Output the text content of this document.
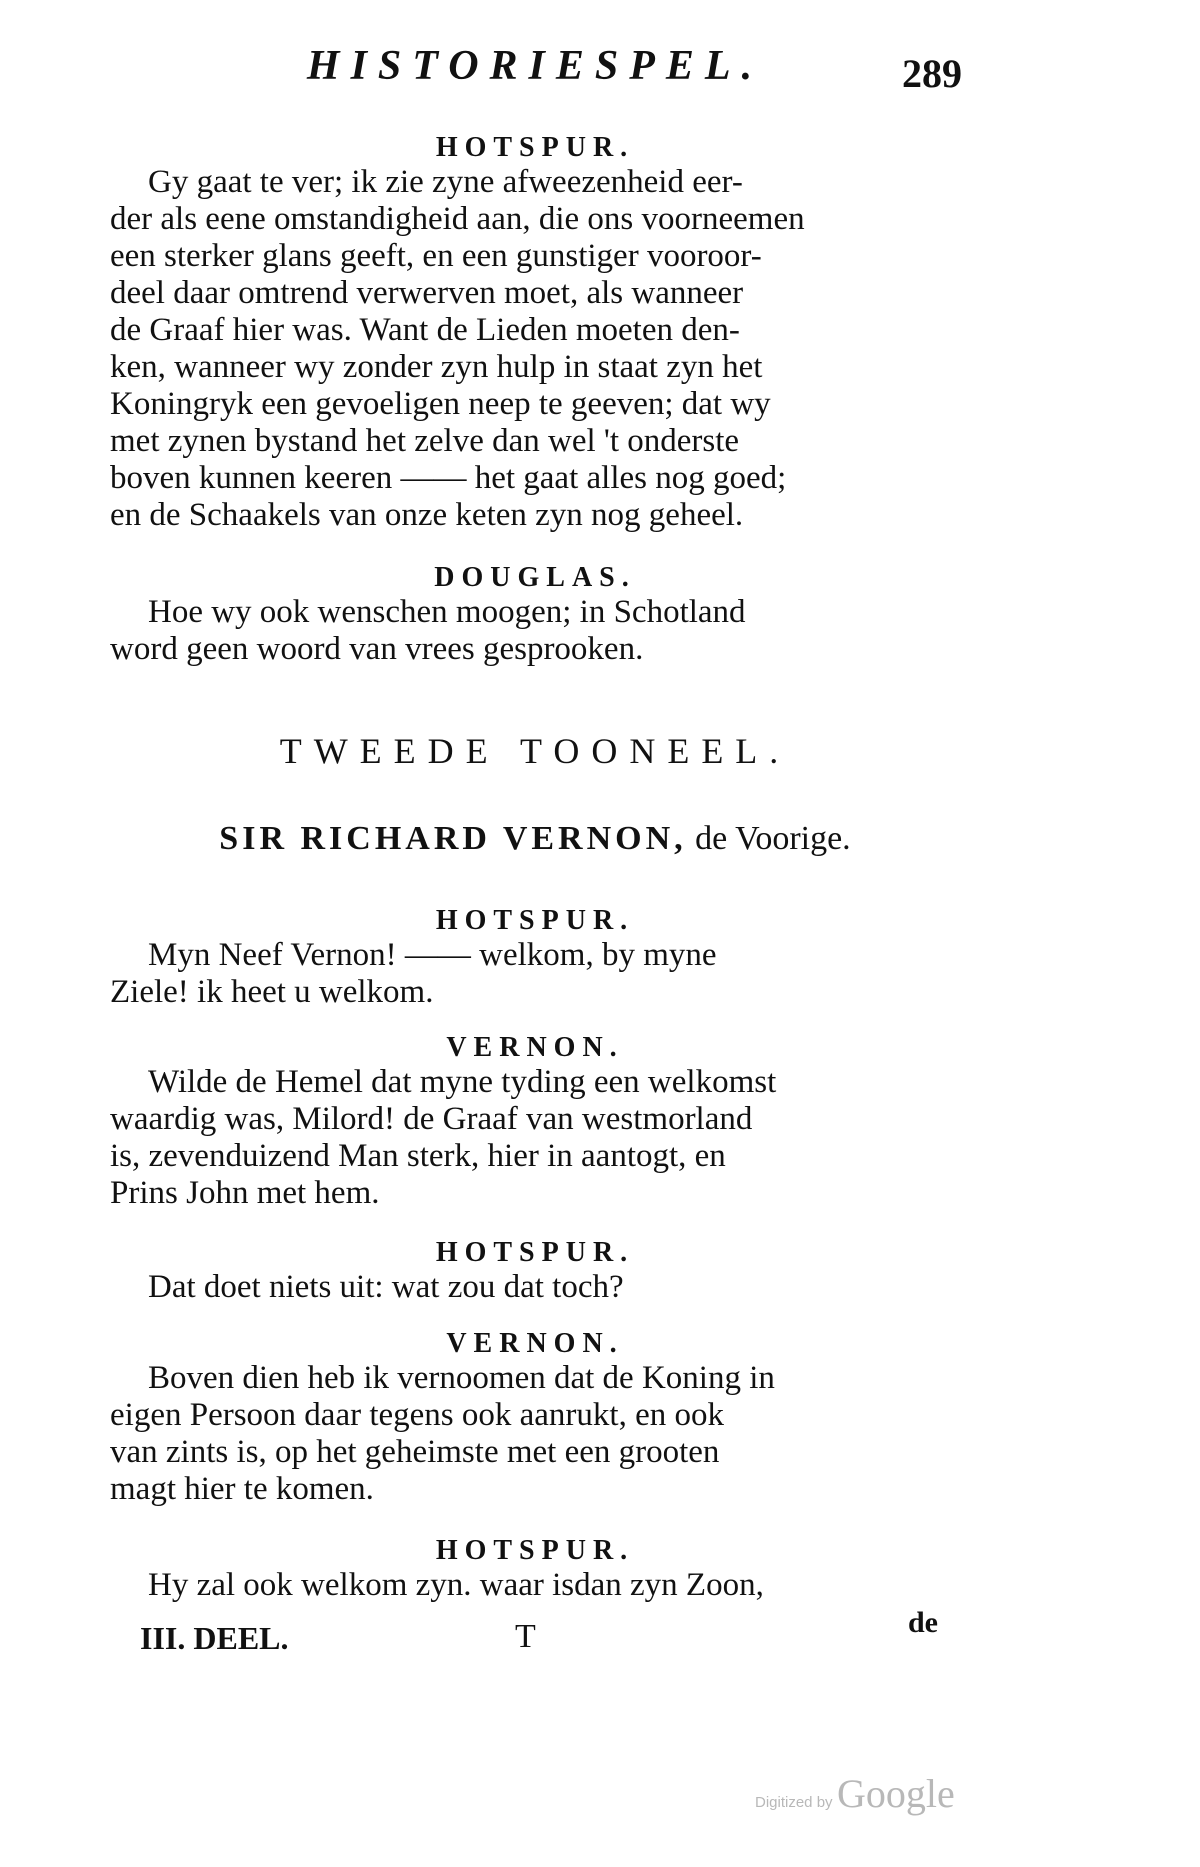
HISTORIESPEL.	289

HOTSPUR.

Gy gaat te ver; ik zie zyne afweezenheid eer-

der als eene omstandigheid aan, die ons voorneemen

een sterker glans geeft, en een gunstiger vooroor-

deel daar omtrend verwerven moet, als wanneer

de Graaf hier was. Want de Lieden moeten den-

ken, wanneer wy zonder zyn hulp in staat zyn het

Koningryk een gevoeligen neep te geeven; dat wy

met zynen bystand het zelve dan wel 't onderste

boven kunnen keeren —— het gaat alles nog goed;

en de Schaakels van onze keten zyn nog geheel.

DOUGLAS.

Hoe wy ook wenschen moogen; in Schotland

word geen woord van vrees gesprooken.

TWEEDE TOONEEL.
SIR RICHARD VERNON, de Voorige.

HOTSPUR.

Myn Neef Vernon! —— welkom, by myne

Ziele! ik heet u welkom.

VERNON.

Wilde de Hemel dat myne tyding een welkomst

waardig was, Milord! de Graaf van westmorland

is, zevenduizend Man sterk, hier in aantogt, en

Prins John met hem.

HOTSPUR.

Dat doet niets uit: wat zou dat toch?

VERNON.

Boven dien heb ik vernoomen dat de Koning in

eigen Persoon daar tegens ook aanrukt, en ook

van zints is, op het geheimste met een grooten

magt hier te komen.

HOTSPUR.

Hy zal ook welkom zyn. waar isdan zyn Zoon,

III. DEEL.	T	de
Digitized by Google
